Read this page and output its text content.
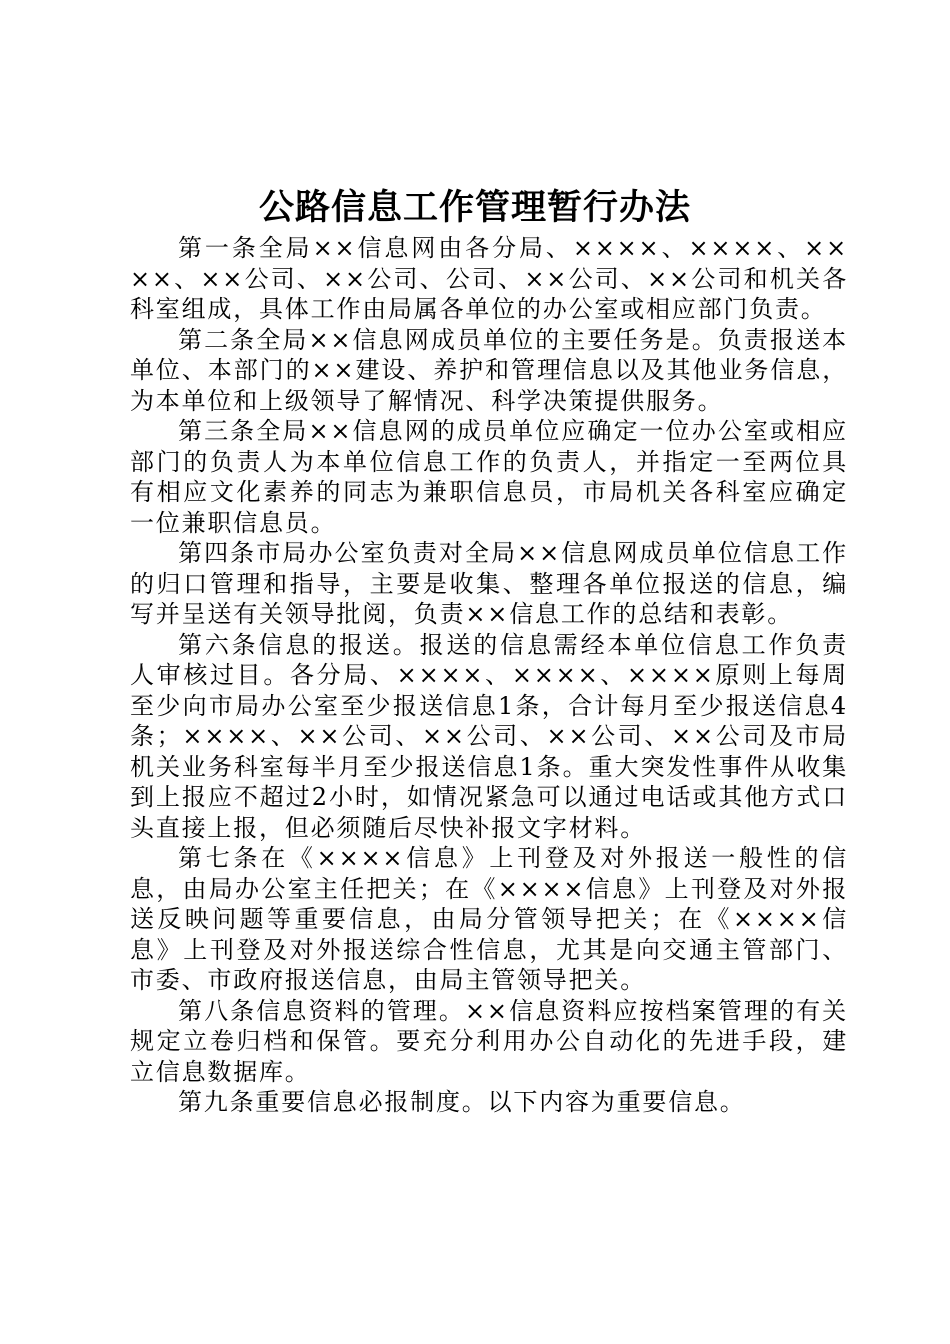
公路信息工作管理暂行办法

第一条全局××信息网由各分局、××××、××××、××××、××公司、××公司、公司、××公司、××公司和机关各科室组成，具体工作由局属各单位的办公室或相应部门负责。

第二条全局××信息网成员单位的主要任务是。负责报送本单位、本部门的××建设、养护和管理信息以及其他业务信息，为本单位和上级领导了解情况、科学决策提供服务。

第三条全局××信息网的成员单位应确定一位办公室或相应部门的负责人为本单位信息工作的负责人，并指定一至两位具有相应文化素养的同志为兼职信息员，市局机关各科室应确定一位兼职信息员。

第四条市局办公室负责对全局××信息网成员单位信息工作的归口管理和指导，主要是收集、整理各单位报送的信息，编写并呈送有关领导批阅，负责××信息工作的总结和表彰。

第六条信息的报送。报送的信息需经本单位信息工作负责人审核过目。各分局、××××、××××、××××原则上每周至少向市局办公室至少报送信息1条，合计每月至少报送信息4条；××××、××公司、××公司、××公司、××公司及市局机关业务科室每半月至少报送信息1条。重大突发性事件从收集到上报应不超过2小时，如情况紧急可以通过电话或其他方式口头直接上报，但必须随后尽快补报文字材料。

第七条在《××××信息》上刊登及对外报送一般性的信息，由局办公室主任把关；在《××××信息》上刊登及对外报送反映问题等重要信息，由局分管领导把关；在《××××信息》上刊登及对外报送综合性信息，尤其是向交通主管部门、市委、市政府报送信息，由局主管领导把关。

第八条信息资料的管理。××信息资料应按档案管理的有关规定立卷归档和保管。要充分利用办公自动化的先进手段，建立信息数据库。

第九条重要信息必报制度。以下内容为重要信息。
